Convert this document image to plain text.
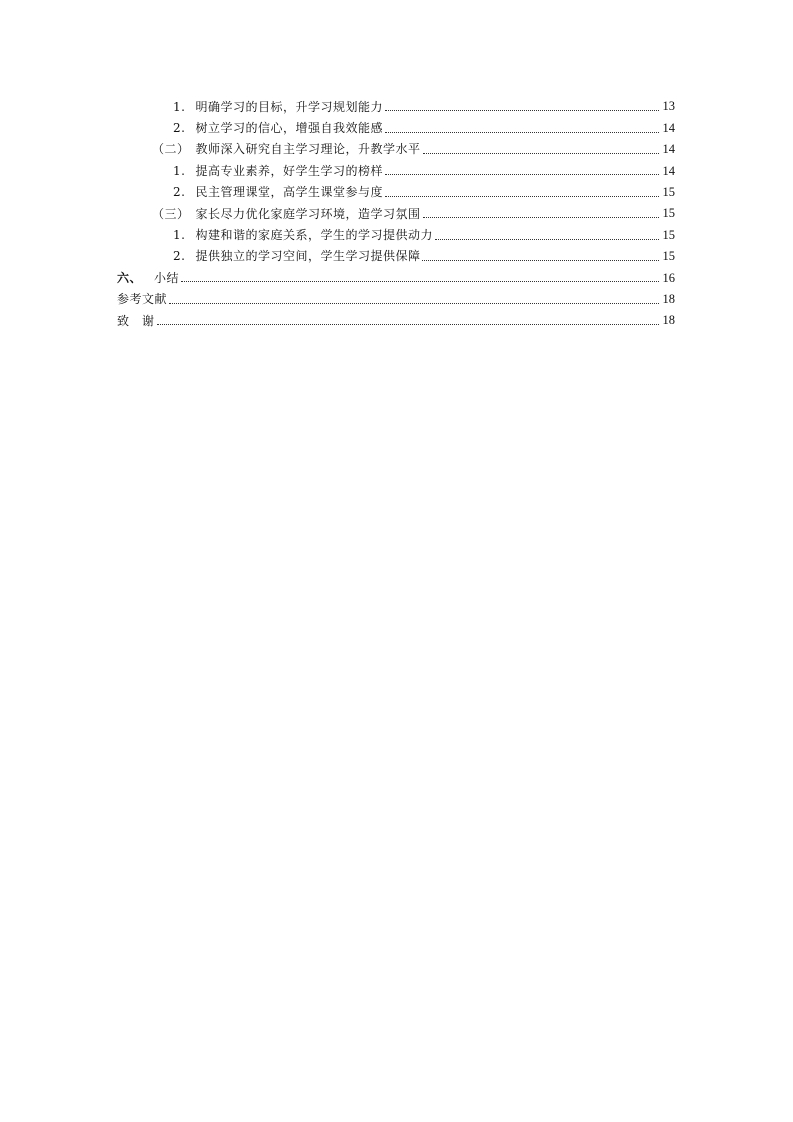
1. 明确学习的目标，升学习规划能力	13
2. 树立学习的信心，增强自我效能感	14
（二） 教师深入研究自主学习理论，升教学水平	14
1. 提高专业素养，好学生学习的榜样	14
2. 民主管理课堂，高学生课堂参与度	15
（三） 家长尽力优化家庭学习环境，造学习氛围	15
1. 构建和谐的家庭关系，学生的学习提供动力	15
2. 提供独立的学习空间，学生学习提供保障	15
六、 小结	16
参考文献	18
致　谢	18
